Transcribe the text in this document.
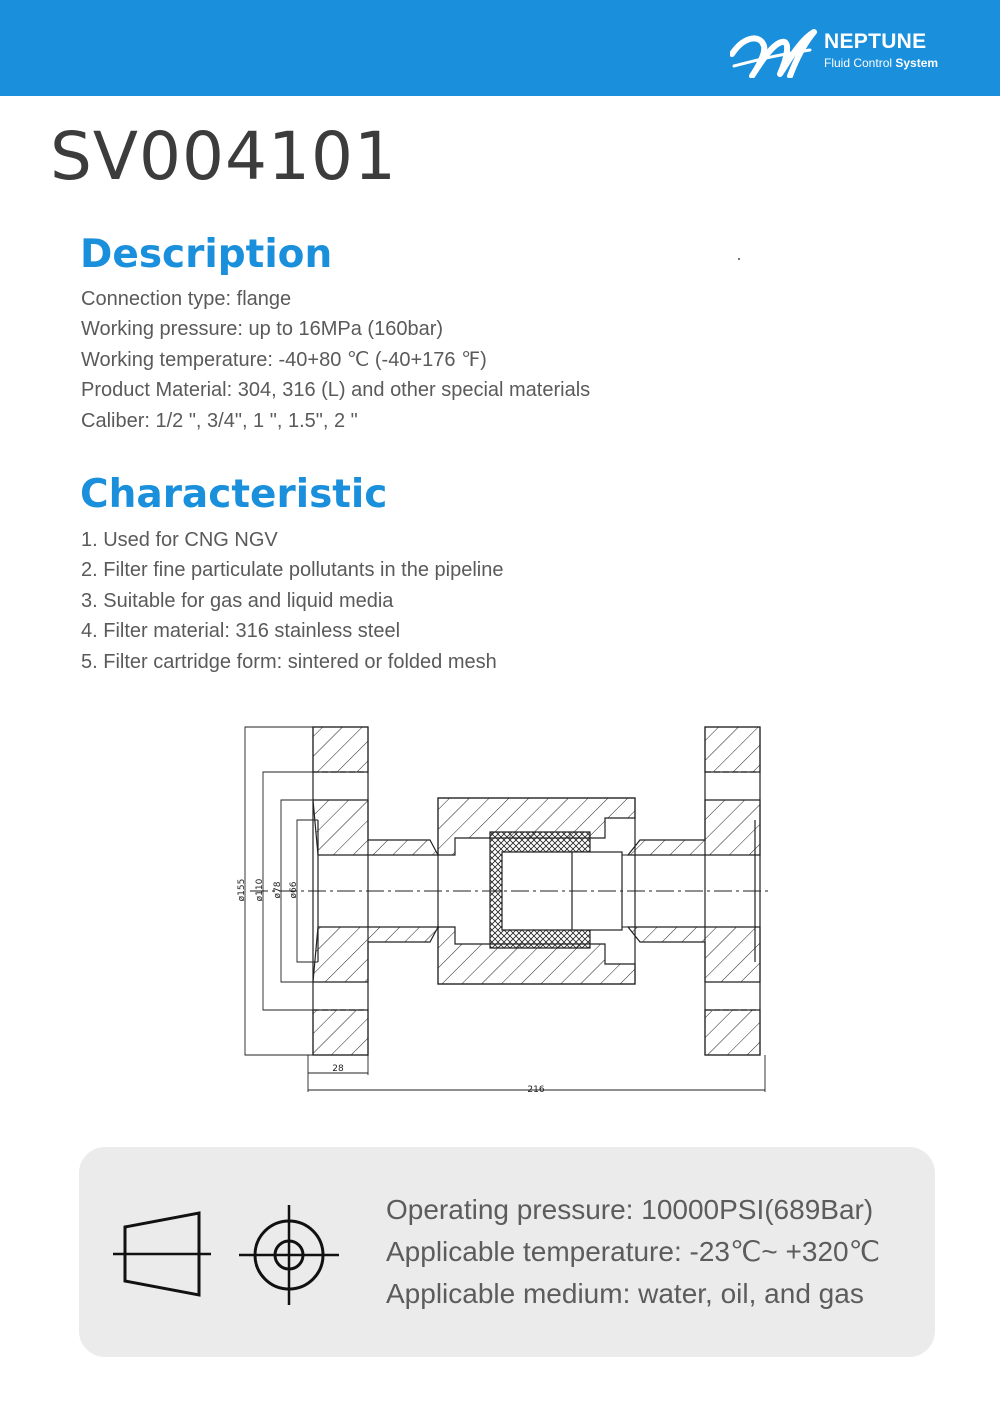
NEPTUNE
Fluid Control System
SV004101
Description
Connection type: flange
Working pressure: up to 16MPa (160bar)
Working temperature: -40+80 ℃ (-40+176 ℉)
Product Material: 304, 316 (L) and other special materials
Caliber: 1/2 ", 3/4", 1 ", 1.5", 2 "
Characteristic
1. Used for CNG NGV
2. Filter fine particulate pollutants in the pipeline
3. Suitable for gas and liquid media
4. Filter material: 316 stainless steel
5. Filter cartridge form: sintered or folded mesh
ø155 ø110 ø78 ø66
28
216
Operating pressure: 10000PSI(689Bar)
Applicable temperature: -23℃~ +320℃
Applicable medium: water, oil, and gas
